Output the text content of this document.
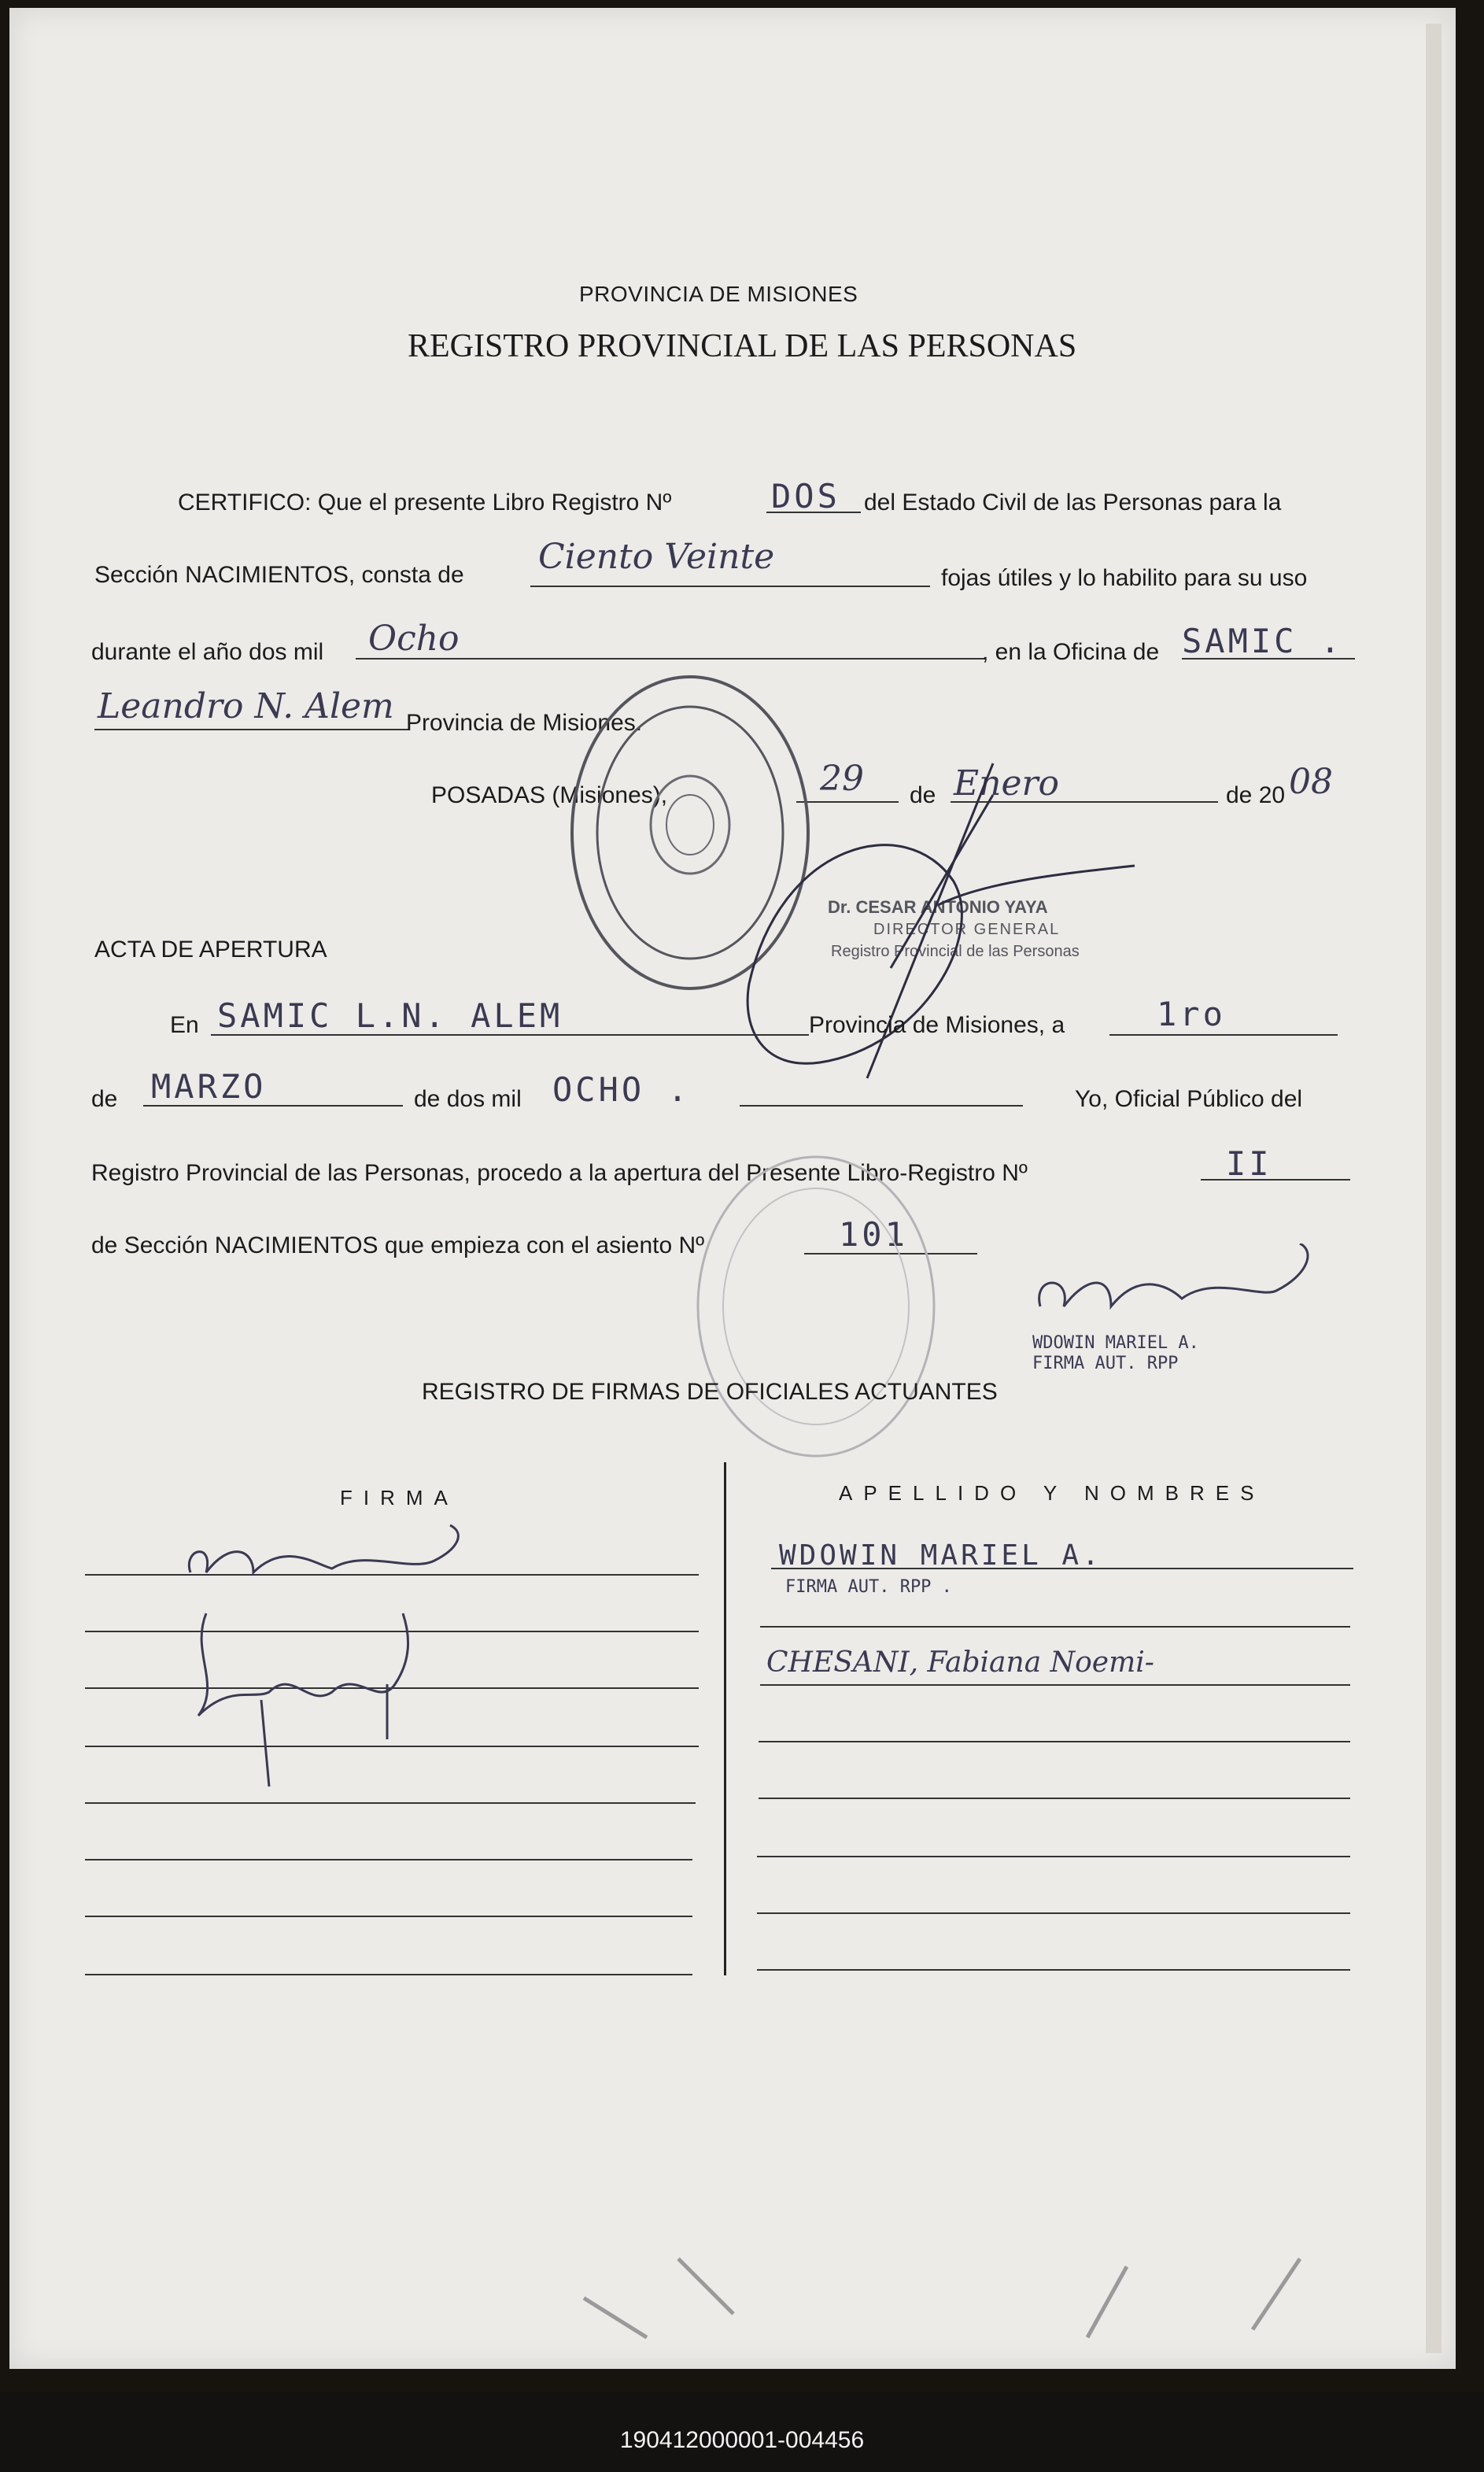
PROVINCIA DE MISIONES
REGISTRO PROVINCIAL DE LAS PERSONAS
CERTIFICO: Que el presente Libro Registro Nº	DOS del Estado Civil de las Personas para la
Sección NACIMIENTOS, consta de Ciento Veinte
fojas útiles y lo habilito para su uso
durante el año dos mil Ocho	, en la Oficina de SAMIC .
Leandro N. Alem Provincia de Misiones.
POSADAS (Misiones),	29 de Enero	de 20 08
Dr. CESAR ANTONIO YAYA
DIRECTOR GENERAL
Registro Provincial de las Personas
ACTA DE APERTURA
En SAMIC L.N. ALEM	Provincia de Misiones, a	1ro
de MARZO	de dos mil OCHO .	Yo, Oficial Público del
Registro Provincial de las Personas, procedo a la apertura del Presente Libro-Registro Nº	II
de Sección NACIMIENTOS que empieza con el asiento Nº	101
WDOWIN MARIEL A.
FIRMA AUT. RPP
REGISTRO DE FIRMAS DE OFICIALES ACTUANTES
FIRMA	APELLIDO Y NOMBRES
WDOWIN MARIEL A.
FIRMA AUT. RPP .
CHESANI, Fabiana Noemi-
190412000001-004456
